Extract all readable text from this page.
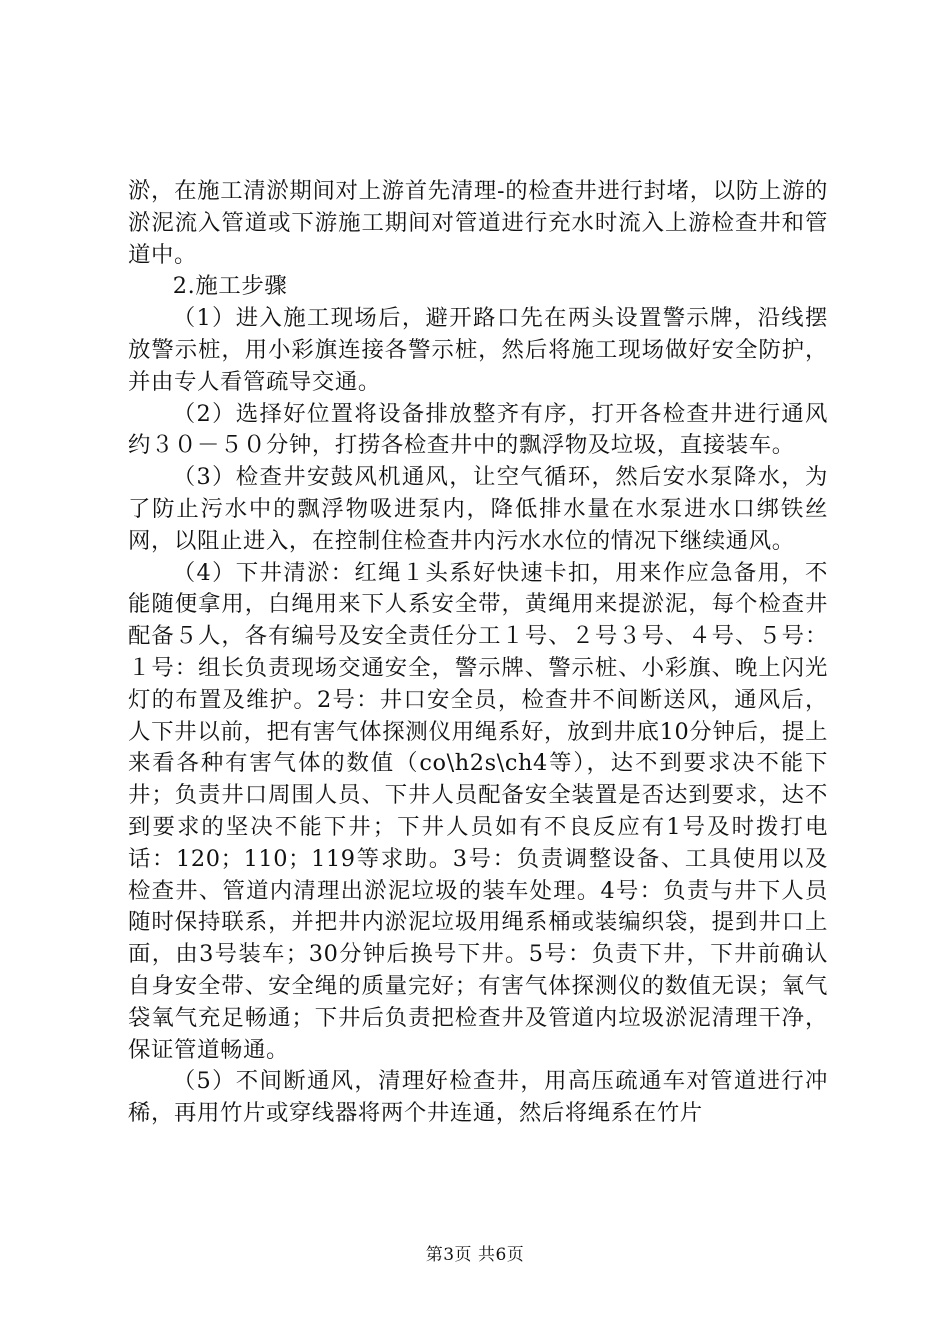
淤，在施工清淤期间对上游首先清理-的检查井进行封堵，以防上游的淤泥流入管道或下游施工期间对管道进行充水时流入上游检查井和管道中。

2.施工步骤

（1）进入施工现场后，避开路口先在两头设置警示牌，沿线摆放警示桩，用小彩旗连接各警示桩，然后将施工现场做好安全防护，并由专人看管疏导交通。

（2）选择好位置将设备排放整齐有序，打开各检查井进行通风约３０－５０分钟，打捞各检查井中的飘浮物及垃圾，直接装车。

（3）检查井安鼓风机通风，让空气循环，然后安水泵降水，为了防止污水中的飘浮物吸进泵内，降低排水量在水泵进水口绑铁丝网，以阻止进入，在控制住检查井内污水水位的情况下继续通风。

（4）下井清淤：红绳１头系好快速卡扣，用来作应急备用，不能随便拿用，白绳用来下人系安全带，黄绳用来提淤泥，每个检查井配备５人，各有编号及安全责任分工１号、２号３号、４号、５号：１号：组长负责现场交通安全，警示牌、警示桩、小彩旗、晚上闪光灯的布置及维护。2号：井口安全员，检查井不间断送风，通风后，人下井以前，把有害气体探测仪用绳系好，放到井底10分钟后，提上来看各种有害气体的数值（co\h2s\ch4等），达不到要求决不能下井；负责井口周围人员、下井人员配备安全装置是否达到要求，达不到要求的坚决不能下井；下井人员如有不良反应有1号及时拨打电话：120；110；119等求助。3号：负责调整设备、工具使用以及检查井、管道内清理出淤泥垃圾的装车处理。4号：负责与井下人员随时保持联系，并把井内淤泥垃圾用绳系桶或装编织袋，提到井口上面，由3号装车；30分钟后换号下井。5号：负责下井，下井前确认自身安全带、安全绳的质量完好；有害气体探测仪的数值无误；氧气袋氧气充足畅通；下井后负责把检查井及管道内垃圾淤泥清理干净，保证管道畅通。

（5）不间断通风，清理好检查井，用高压疏通车对管道进行冲稀，再用竹片或穿线器将两个井连通，然后将绳系在竹片

第3页 共6页
